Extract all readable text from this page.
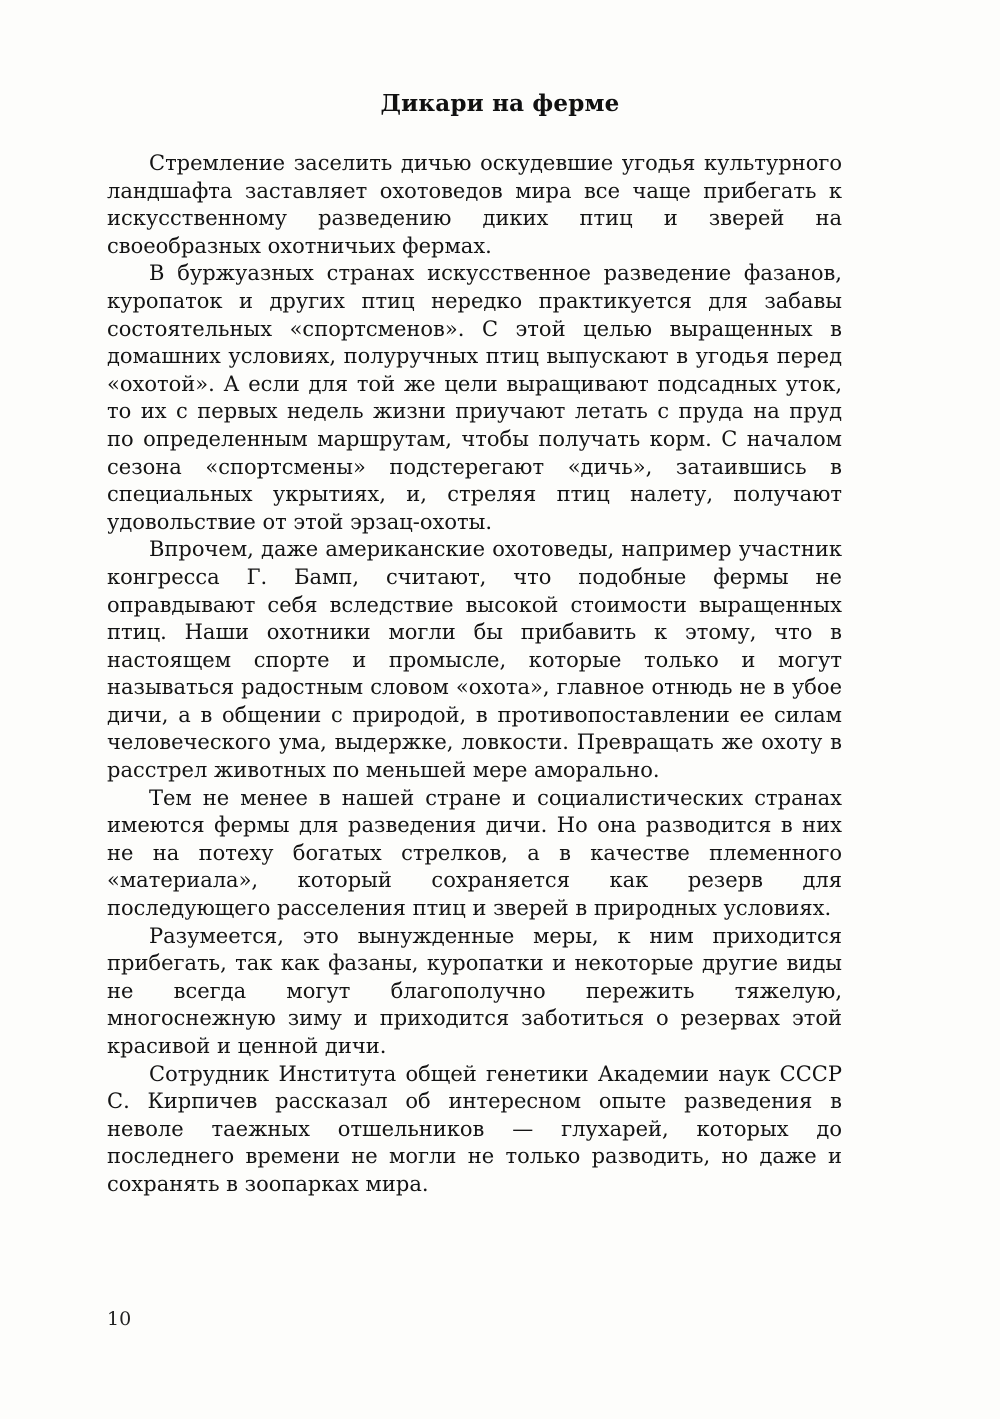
Дикари на ферме

Стремление заселить дичью оскудевшие угодья культурного ландшафта заставляет охотоведов мира все чаще прибегать к искусственному разведению диких птиц и зверей на своеобразных охотничьих фермах.

В буржуазных странах искусственное разведение фазанов, куропаток и других птиц нередко практикуется для забавы состоятельных «спортсменов». С этой целью выращенных в домашних условиях, полуручных птиц выпускают в угодья перед «охотой». А если для той же цели выращивают подсадных уток, то их с первых недель жизни приучают летать с пруда на пруд по определенным маршрутам, чтобы получать корм. С началом сезона «спортсмены» подстерегают «дичь», затаившись в специальных укрытиях, и, стреляя птиц налету, получают удовольствие от этой эрзац-охоты.

Впрочем, даже американские охотоведы, например участник конгресса Г. Бамп, считают, что подобные фермы не оправдывают себя вследствие высокой стоимости выращенных птиц. Наши охотники могли бы прибавить к этому, что в настоящем спорте и промысле, которые только и могут называться радостным словом «охота», главное отнюдь не в убое дичи, а в общении с природой, в противопоставлении ее силам человеческого ума, выдержке, ловкости. Превращать же охоту в расстрел животных по меньшей мере аморально.

Тем не менее в нашей стране и социалистических странах имеются фермы для разведения дичи. Но она разводится в них не на потеху богатых стрелков, а в качестве племенного «материала», который сохраняется как резерв для последующего расселения птиц и зверей в природных условиях.

Разумеется, это вынужденные меры, к ним приходится прибегать, так как фазаны, куропатки и некоторые другие виды не всегда могут благополучно пережить тяжелую, многоснежную зиму и приходится заботиться о резервах этой красивой и ценной дичи.

Сотрудник Института общей генетики Академии наук СССР С. Кирпичев рассказал об интересном опыте разведения в неволе таежных отшельников — глухарей, которых до последнего времени не могли не только разводить, но даже и сохранять в зоопарках мира.

10
